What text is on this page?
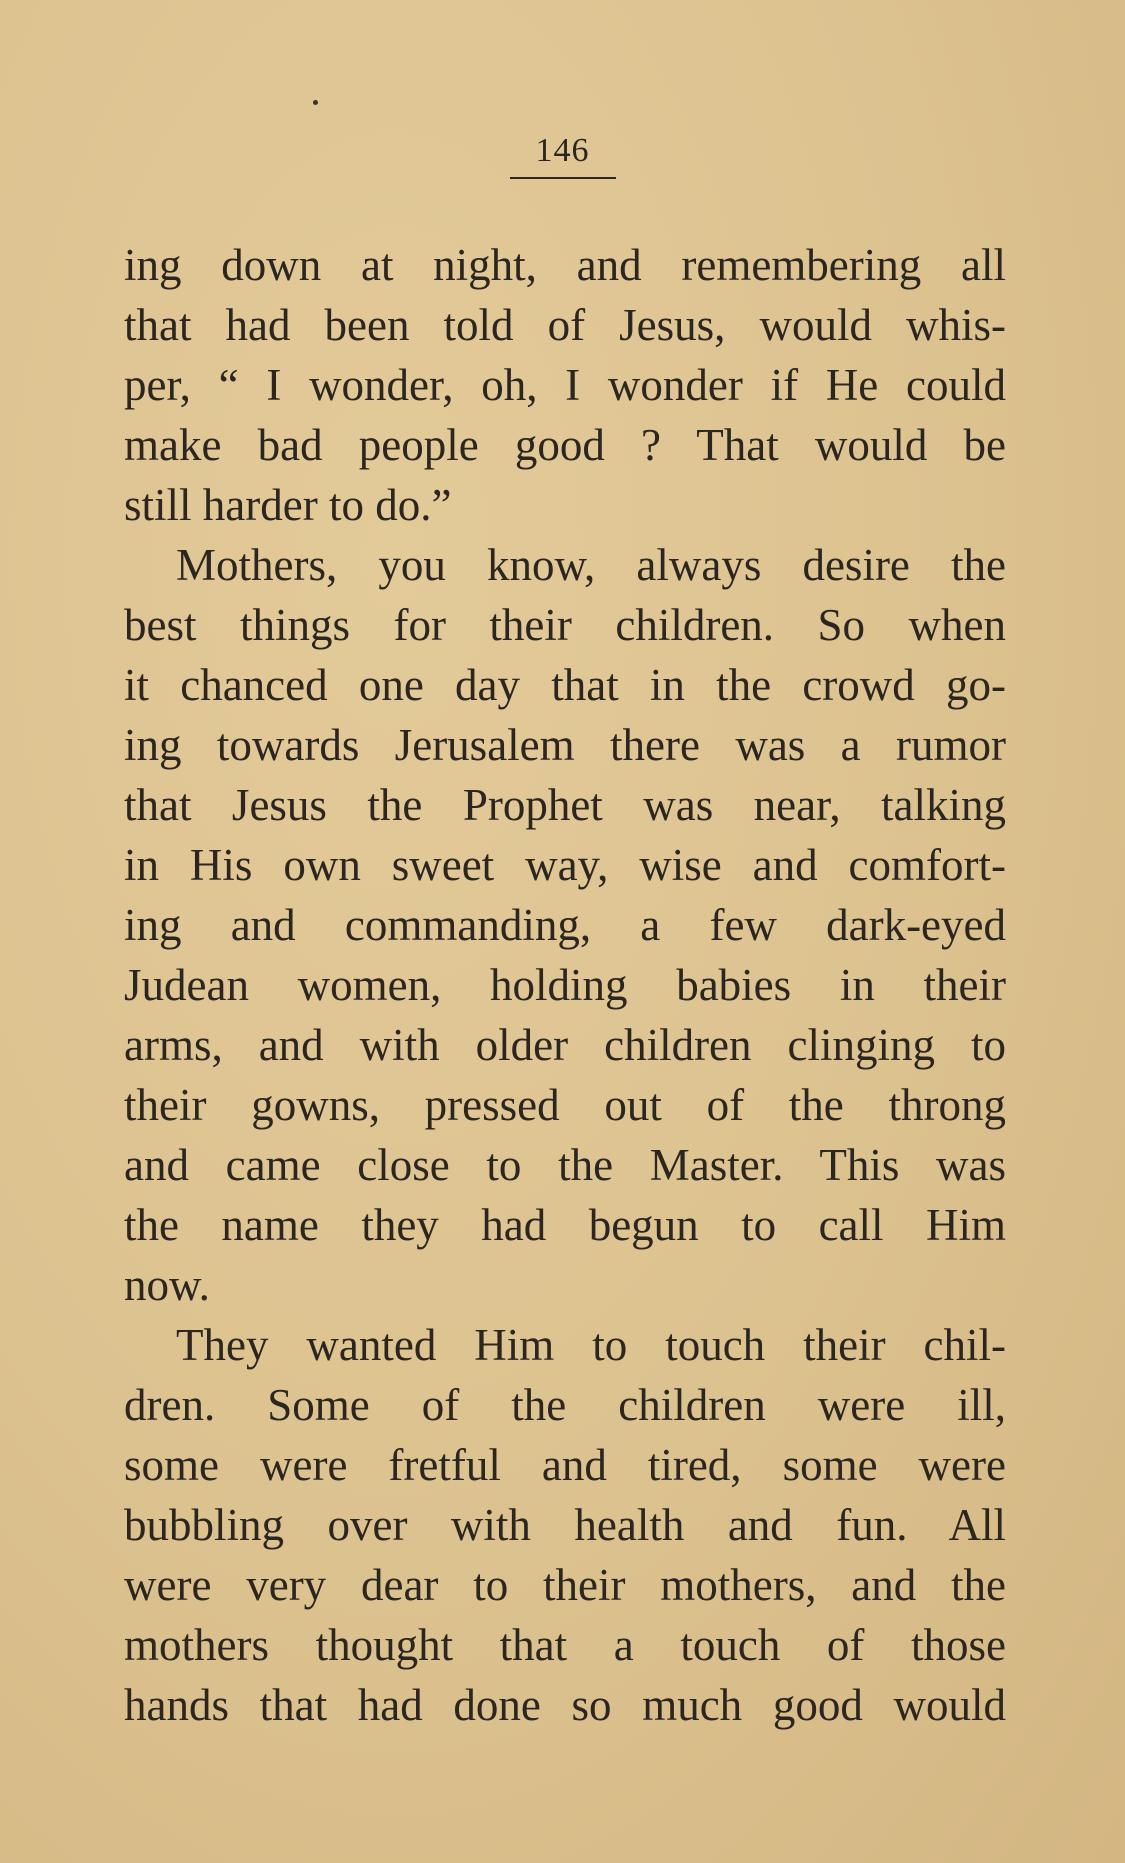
146
ing down at night, and remembering all
that had been told of Jesus, would whis-
per, “ I wonder, oh, I wonder if He could
make bad people good ? That would be
still harder to do.”
Mothers, you know, always desire the
best things for their children. So when
it chanced one day that in the crowd go-
ing towards Jerusalem there was a rumor
that Jesus the Prophet was near, talking
in His own sweet way, wise and comfort-
ing and commanding, a few dark-eyed
Judean women, holding babies in their
arms, and with older children clinging to
their gowns, pressed out of the throng
and came close to the Master. This was
the name they had begun to call Him
now.
They wanted Him to touch their chil-
dren. Some of the children were ill,
some were fretful and tired, some were
bubbling over with health and fun. All
were very dear to their mothers, and the
mothers thought that a touch of those
hands that had done so much good would
